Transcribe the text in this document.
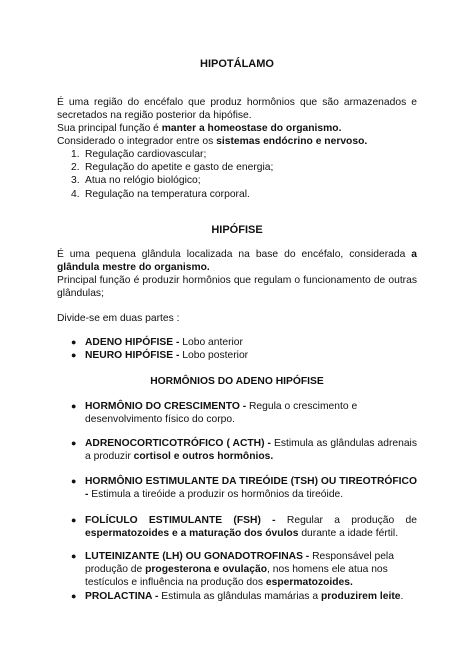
HIPOTÁLAMO

É uma região do encéfalo que produz hormônios que são armazenados e secretados na região posterior da hipófise.

Sua principal função é manter a homeostase do organismo.

Considerado o integrador entre os sistemas endócrino e nervoso.

1. Regulação cardiovascular;
2. Regulação do apetite e gasto de energia;
3. Atua no relógio biológico;
4. Regulação na temperatura corporal.
HIPÓFISE

É uma pequena glândula localizada na base do encéfalo, considerada a glândula mestre do organismo.

Principal função é produzir hormônios que regulam o funcionamento de outras glândulas;

Divide-se em duas partes :

● ADENO HIPÓFISE - Lobo anterior
● NEURO HIPÓFISE - Lobo posterior
HORMÔNIOS DO ADENO HIPÓFISE
● HORMÔNIO DO CRESCIMENTO - Regula o crescimento e desenvolvimento físico do corpo.
● ADRENOCORTICOTRÓFICO ( ACTH) - Estimula as glândulas adrenais a produzir cortisol e outros hormônios.
● HORMÔNIO ESTIMULANTE DA TIREÓIDE (TSH) OU TIREOTRÓFICO - Estimula a tireóide a produzir os hormônios da tireóide.
● FOLÍCULO ESTIMULANTE (FSH) - Regular a produção de espermatozoides e a maturação dos óvulos durante a idade fértil.
● LUTEINIZANTE (LH) OU GONADOTROFINAS - Responsável pela produção de progesterona e ovulação, nos homens ele atua nos testículos e influência na produção dos espermatozoides.
● PROLACTINA - Estimula as glândulas mamárias a produzirem leite.
